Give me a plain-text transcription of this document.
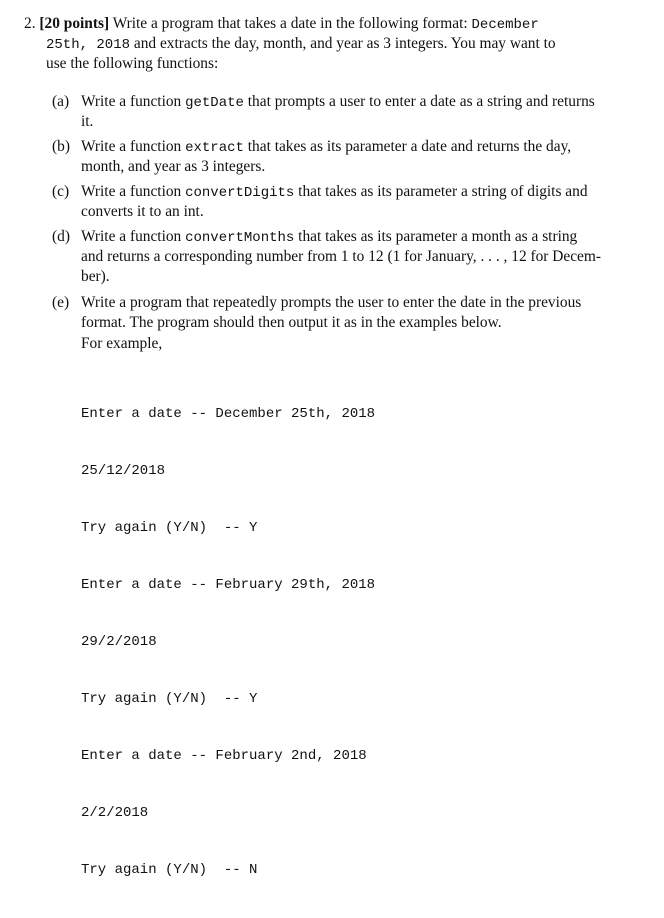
2. [20 points] Write a program that takes a date in the following format: December
25th, 2018 and extracts the day, month, and year as 3 integers. You may want to
use the following functions:
(a) Write a function getDate that prompts a user to enter a date as a string and returns
it.
(b) Write a function extract that takes as its parameter a date and returns the day,
month, and year as 3 integers.
(c) Write a function convertDigits that takes as its parameter a string of digits and
converts it to an int.
(d) Write a function convertMonths that takes as its parameter a month as a string
and returns a corresponding number from 1 to 12 (1 for January, . . . , 12 for Decem-
ber).
(e) Write a program that repeatedly prompts the user to enter the date in the previous
format. The program should then output it as in the examples below.
For example,

Enter a date -- December 25th, 2018

25/12/2018

Try again (Y/N)  -- Y

Enter a date -- February 29th, 2018

29/2/2018

Try again (Y/N)  -- Y

Enter a date -- February 2nd, 2018

2/2/2018

Try again (Y/N)  -- N
